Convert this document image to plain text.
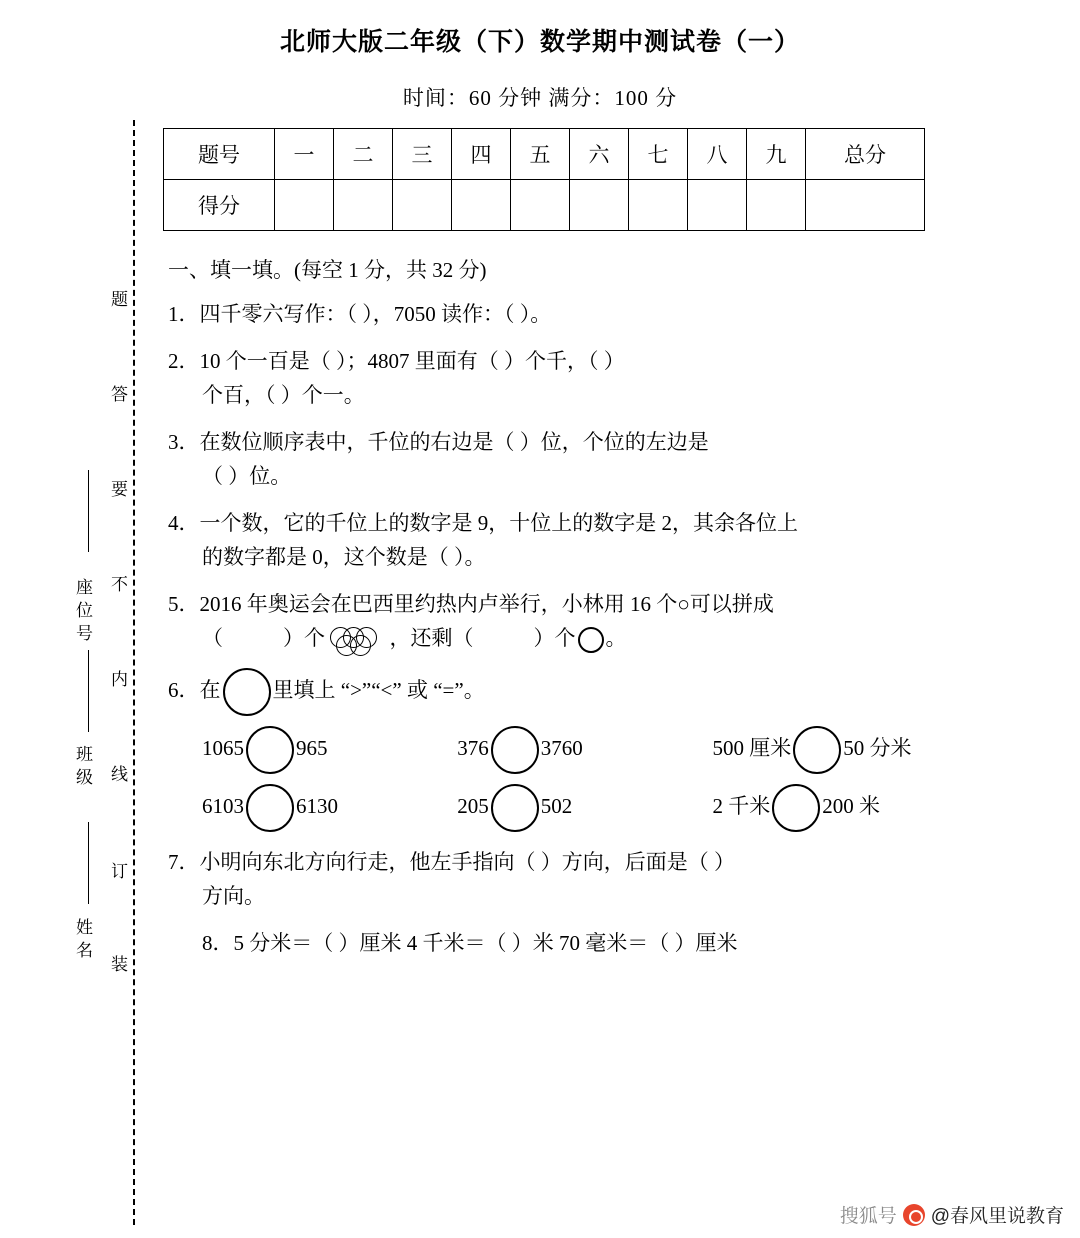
题
答
要
不
内
线
订
装
座位号
班级
姓名
北师大版二年级（下）数学期中测试卷（一）
时间：60 分钟 满分：100 分
题号	一	二	三	四	五	六	七	八	九	总分
得分										
一、填一填。(每空 1 分，共 32 分)
1．四千零六写作：（ ），7050 读作：（ ）。
2．10 个一百是（ ）；4807 里面有（ ）个千，（ ）
个百，（ ）个一。
3．在数位顺序表中，千位的右边是（ ）位，个位的左边是
（ ）位。
4．一个数，它的千位上的数字是 9，十位上的数字是 2，其余各位上
的数字都是 0，这个数是（ ）。
5．2016 年奥运会在巴西里约热内卢举行，小林用 16 个○可以拼成
（	）个	，还剩（	）个 。
6．在 里填上 “>”“<” 或 “=”。
1065 965	376 3760	500 厘米 50 分米
6103 6130	205 502	2 千米 200 米
7．小明向东北方向行走，他左手指向（ ）方向，后面是（ ）
方向。
8．5 分米＝（ ）厘米 4 千米＝（ ）米 70 毫米＝（ ）厘米
搜狐号 @春风里说教育
